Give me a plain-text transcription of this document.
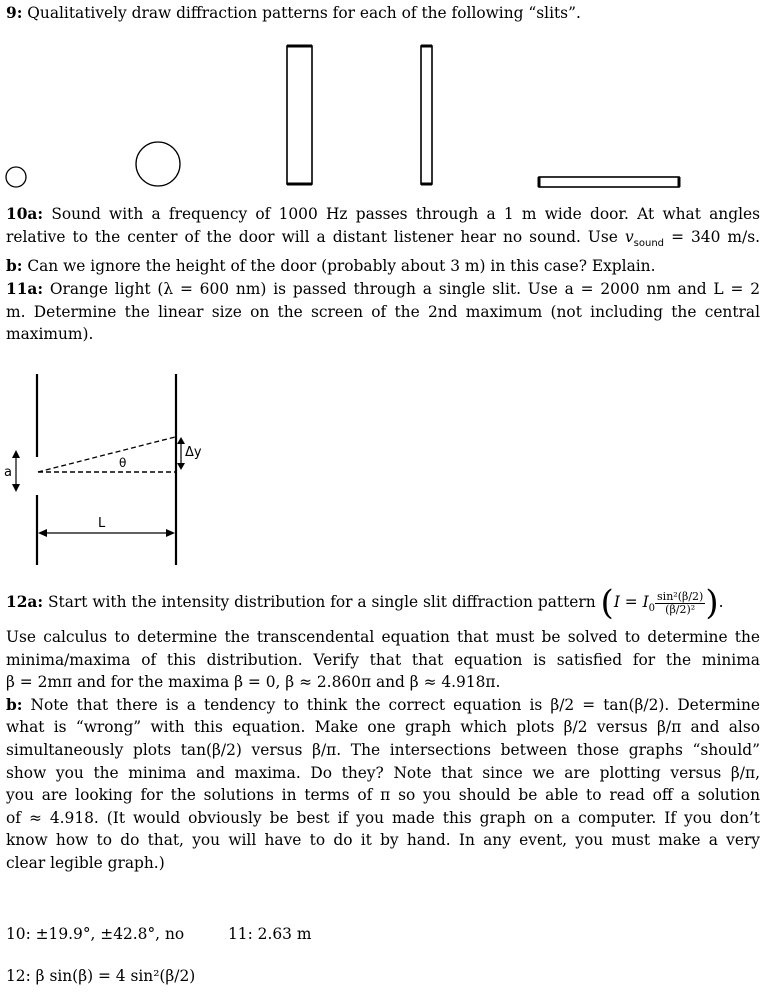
9: Qualitatively draw diffraction patterns for each of the following “slits”.
10a: Sound with a frequency of 1000 Hz passes through a 1 m wide door. At what angles
relative to the center of the door will a distant listener hear no sound. Use $v_{sound} = 340$ m/s.
b: Can we ignore the height of the door (probably about 3 m) in this case? Explain.
11a: Orange light (λ = 600 nm) is passed through a single slit. Use a = 2000 nm and L = 2
m. Determine the linear size on the screen of the 2nd maximum (not including the central
maximum).
a
θ
Δy
L
12a: Start with the intensity distribution for a single slit diffraction pattern ($I = I_0 \frac{\text{sin²(β/2)}}{\text{(β/2)²}}$ ).
Use calculus to determine the transcendental equation that must be solved to determine the
minima/maxima of this distribution. Verify that that equation is satisfied for the minima
β = 2mπ and for the maxima β = 0, β ≈ 2.860π and β ≈ 4.918π.
b: Note that there is a tendency to think the correct equation is β/2 = tan(β/2). Determine
what is “wrong” with this equation. Make one graph which plots β/2 versus β/π and also
simultaneously plots tan(β/2) versus β/π. The intersections between those graphs “should”
show you the minima and maxima. Do they? Note that since we are plotting versus β/π,
you are looking for the solutions in terms of π so you should be able to read off a solution
of ≈ 4.918. (It would obviously be best if you made this graph on a computer. If you don’t
know how to do that, you will have to do it by hand. In any event, you must make a very
clear legible graph.)
10: ±19.9°, ±42.8°, no	11: 2.63 m
12: β sin(β) = 4 sin²(β/2)
